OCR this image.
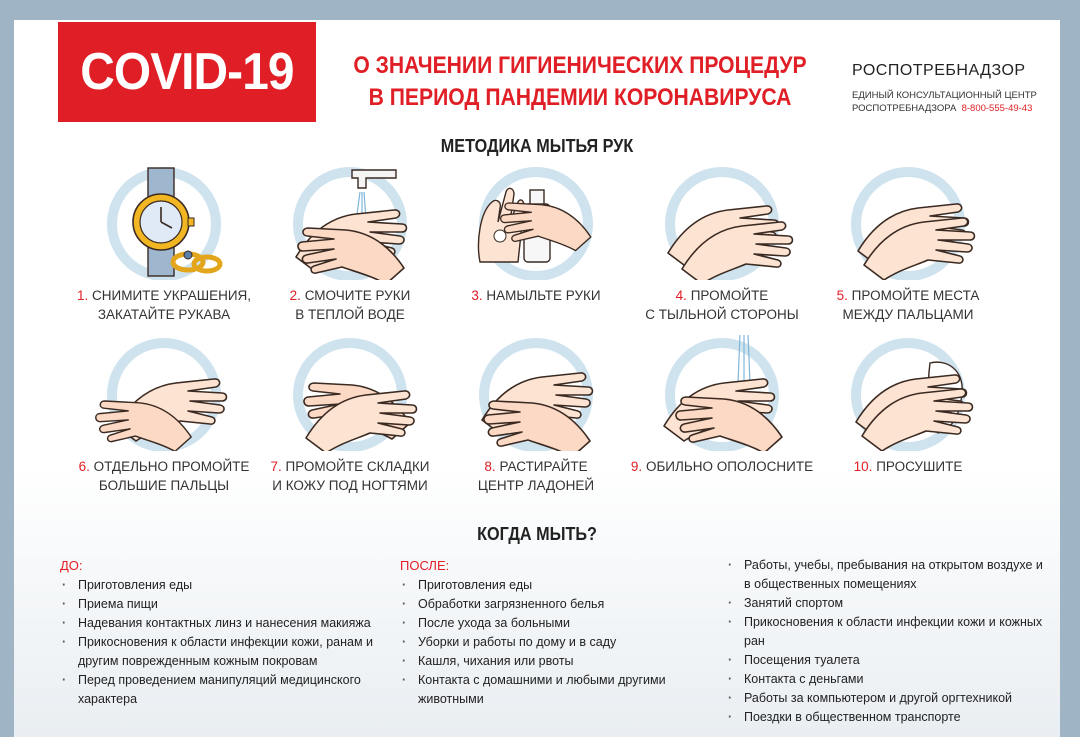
COVID-19 О ЗНАЧЕНИИ ГИГИЕНИЧЕСКИХ ПРОЦЕДУР
В ПЕРИОД ПАНДЕМИИ КОРОНАВИРУСА
РОСПОТРЕБНАДЗОР
ЕДИНЫЙ КОНСУЛЬТАЦИОННЫЙ ЦЕНТР
РОСПОТРЕБНАДЗОРА 8-800-555-49-43
МЕТОДИКА МЫТЬЯ РУК
1. СНИМИТЕ УКРАШЕНИЯ,
ЗАКАТАЙТЕ РУКАВА
2. СМОЧИТЕ РУКИ
В ТЕПЛОЙ ВОДЕ
3. НАМЫЛЬТЕ РУКИ	4. ПРОМОЙТЕ
С ТЫЛЬНОЙ СТОРОНЫ
5. ПРОМОЙТЕ МЕСТА
МЕЖДУ ПАЛЬЦАМИ
6. ОТДЕЛЬНО ПРОМОЙТЕ
БОЛЬШИЕ ПАЛЬЦЫ
7. ПРОМОЙТЕ СКЛАДКИ
И КОЖУ ПОД НОГТЯМИ
8. РАСТИРАЙТЕ
ЦЕНТР ЛАДОНЕЙ
9. ОБИЛЬНО ОПОЛОСНИТЕ	10. ПРОСУШИТЕ
КОГДА МЫТЬ?
ДО:
· Приготовления еды
· Приема пищи
· Надевания контактных линз и нанесения макияжа
· Прикосновения к области инфекции кожи, ранам и другим поврежденным кожным покровам
· Перед проведением манипуляций медицинского характера
ПОСЛЕ:
· Приготовления еды
· Обработки загрязненного белья
· После ухода за больными
· Уборки и работы по дому и в саду
· Кашля, чихания или рвоты
· Контакта с домашними и любыми другими животными
· Работы, учебы, пребывания на открытом воздухе и в общественных помещениях
· Занятий спортом
· Прикосновения к области инфекции кожи и кожных ран
· Посещения туалета
· Контакта с деньгами
· Работы за компьютером и другой оргтехникой
· Поездки в общественном транспорте
